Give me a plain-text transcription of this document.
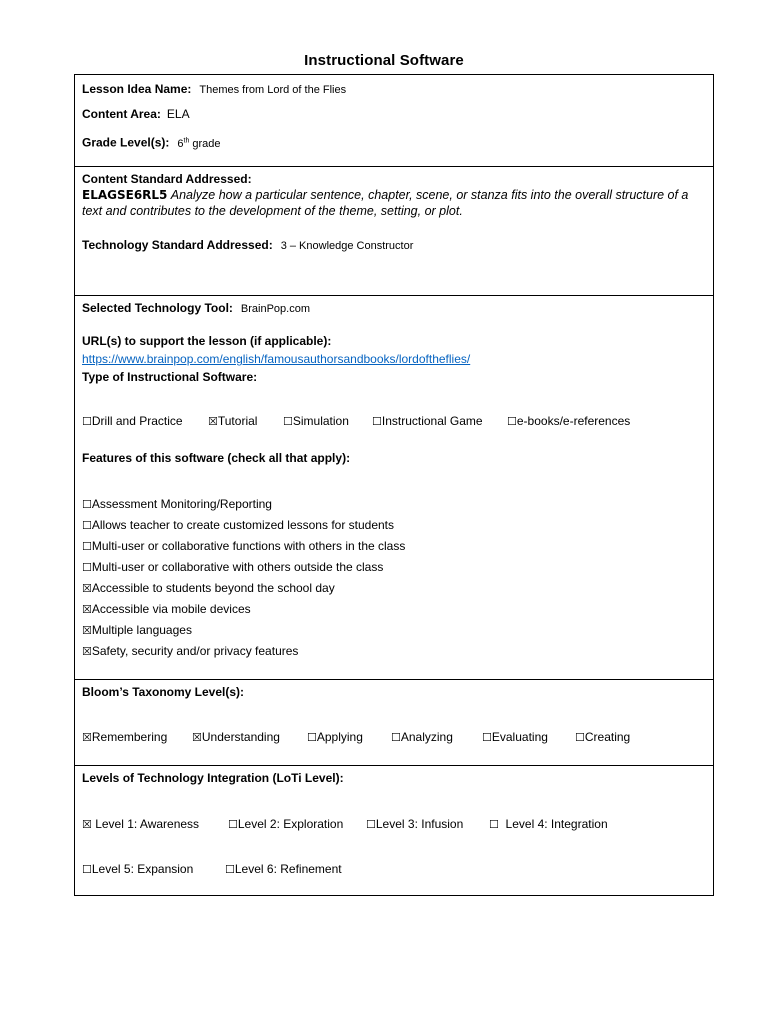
Instructional Software
Lesson Idea Name: Themes from Lord of the Flies
Content Area: ELA
Grade Level(s): 6th grade
Content Standard Addressed:
ELAGSE6RL5 Analyze how a particular sentence, chapter, scene, or stanza fits into the overall structure of a text and contributes to the development of the theme, setting, or plot.
Technology Standard Addressed: 3 – Knowledge Constructor
Selected Technology Tool: BrainPop.com
URL(s) to support the lesson (if applicable):
https://www.brainpop.com/english/famousauthorsandbooks/lordoftheflies/
Type of Instructional Software:
☐Drill and Practice ☒Tutorial ☐Simulation ☐Instructional Game ☐e-books/e-references
Features of this software (check all that apply):
☐Assessment Monitoring/Reporting
☐Allows teacher to create customized lessons for students
☐Multi-user or collaborative functions with others in the class
☐Multi-user or collaborative with others outside the class
☒Accessible to students beyond the school day
☒Accessible via mobile devices
☒Multiple languages
☒Safety, security and/or privacy features
Bloom’s Taxonomy Level(s):
☒Remembering ☒Understanding ☐Applying	☐Analyzing	☐Evaluating ☐Creating
Levels of Technology Integration (LoTi Level):
☒ Level 1: Awareness	☐Level 2: Exploration ☐Level 3: Infusion ☐  Level 4: Integration
☐Level 5: Expansion	☐Level 6: Refinement
